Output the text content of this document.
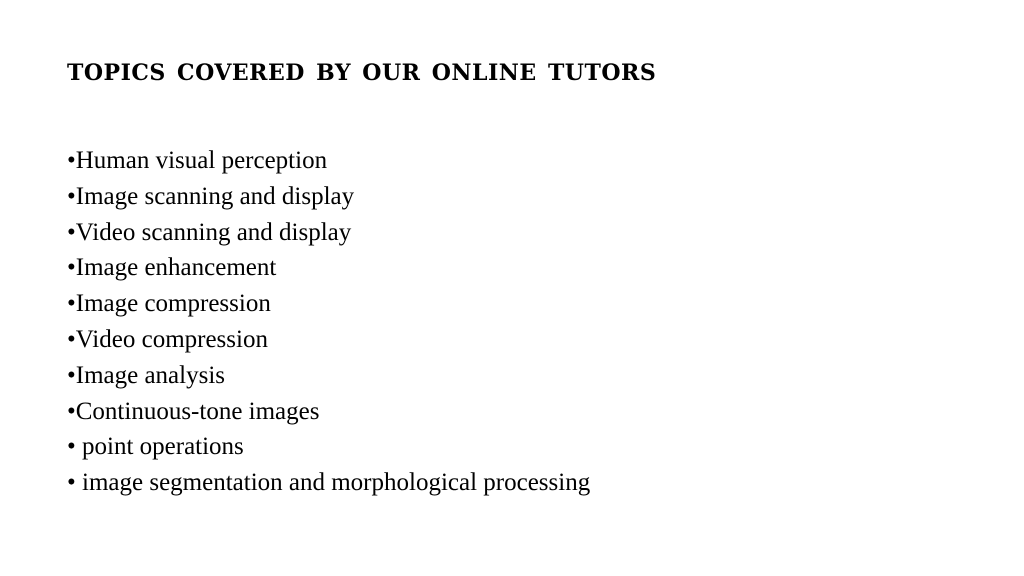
topics covered by our online tutors
•Human visual perception
•Image scanning and display
•Video scanning and display
•Image enhancement
•Image compression
•Video compression
•Image analysis
•Continuous-tone images
• point operations
• image segmentation and morphological processing
